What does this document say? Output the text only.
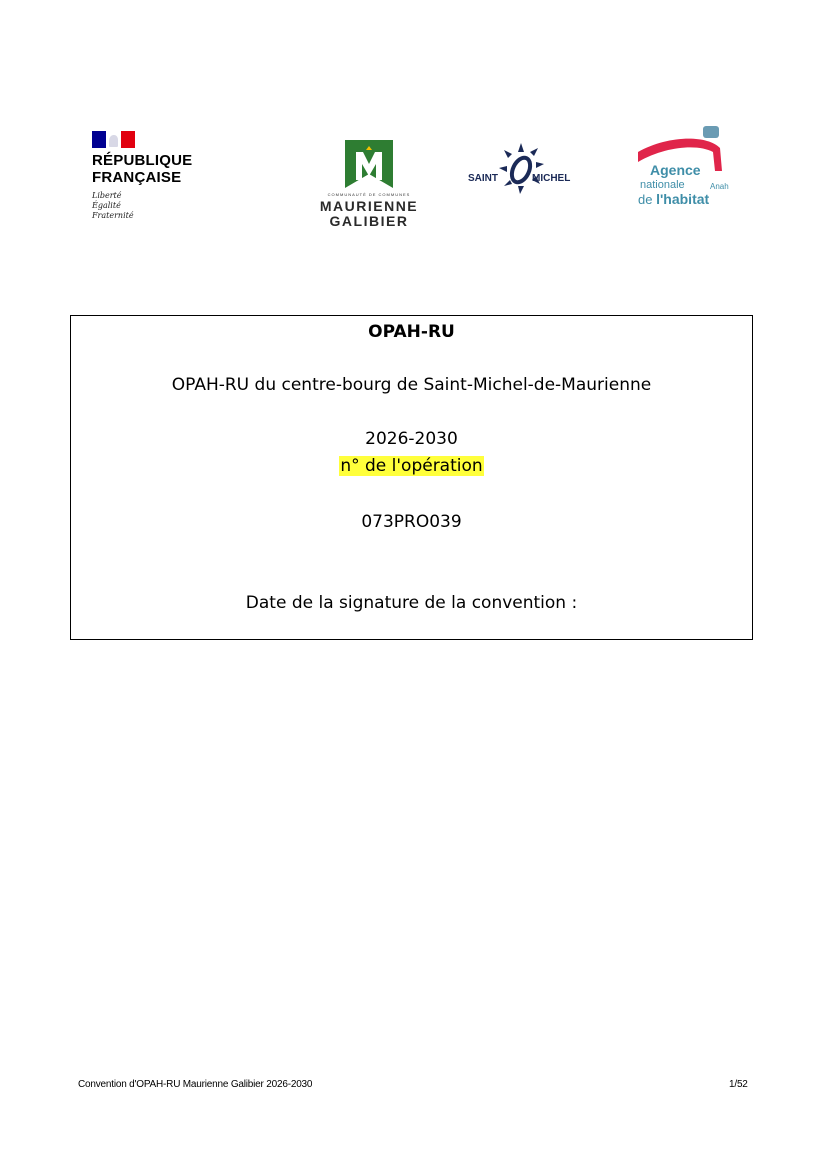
RÉPUBLIQUE
FRANÇAISE
Liberté
Égalité
Fraternité
COMMUNAUTÉ DE COMMUNES
MAURIENNE
GALIBIER
SAINT	MICHEL
Agence
nationale	Anah
de l'habitat
OPAH-RU
OPAH-RU du centre-bourg de Saint-Michel-de-Maurienne
2026-2030
n° de l'opération
073PRO039
Date de la signature de la convention :
Convention d'OPAH-RU Maurienne Galibier 2026-2030	1/52
